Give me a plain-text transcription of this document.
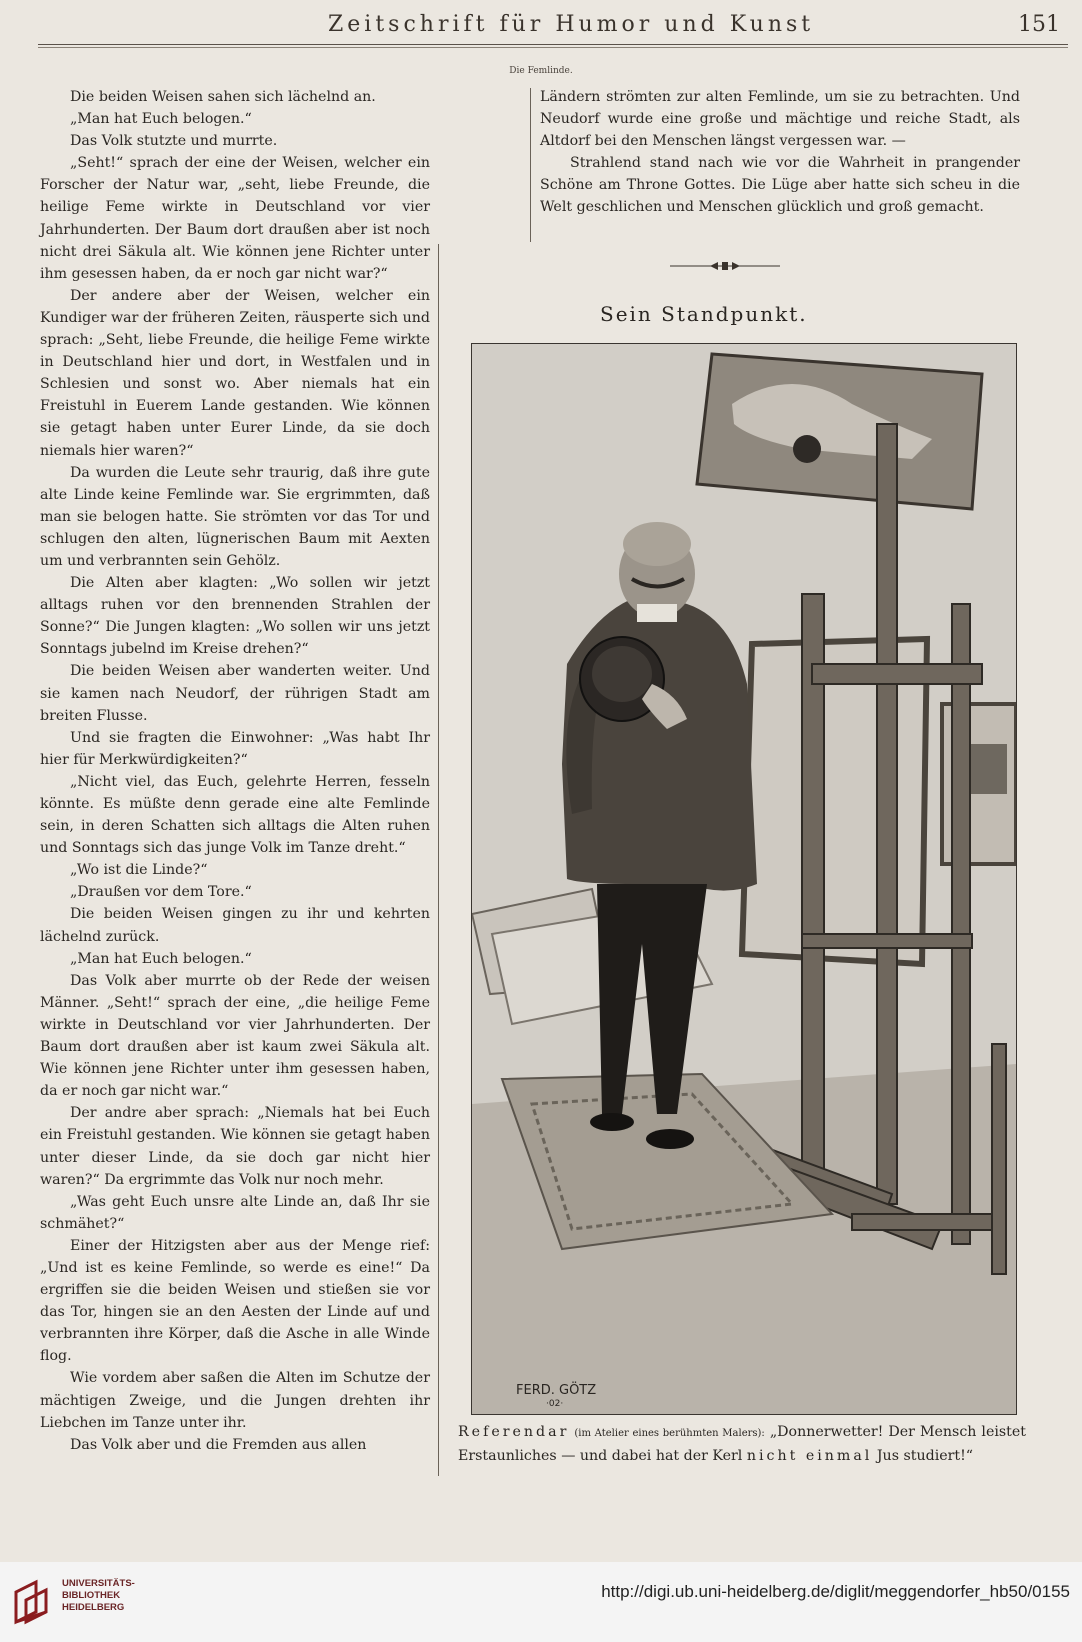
Zeitschrift für Humor und Kunst	151
Die Femlinde.

Die beiden Weisen sahen sich lächelnd an.

„Man hat Euch belogen.“

Das Volk stutzte und murrte.

„Seht!“ sprach der eine der Weisen, welcher ein Forscher der Natur war, „seht, liebe Freunde, die heilige Feme wirkte in Deutschland vor vier Jahrhunderten. Der Baum dort draußen aber ist noch nicht drei Säkula alt. Wie können jene Richter unter ihm gesessen haben, da er noch gar nicht war?“

Der andere aber der Weisen, welcher ein Kundiger war der früheren Zeiten, räusperte sich und sprach: „Seht, liebe Freunde, die heilige Feme wirkte in Deutschland hier und dort, in Westfalen und in Schlesien und sonst wo. Aber niemals hat ein Freistuhl in Euerem Lande gestanden. Wie können sie getagt haben unter Eurer Linde, da sie doch niemals hier waren?“

Da wurden die Leute sehr traurig, daß ihre gute alte Linde keine Femlinde war. Sie ergrimmten, daß man sie belogen hatte. Sie strömten vor das Tor und schlugen den alten, lügnerischen Baum mit Aexten um und verbrannten sein Gehölz.

Die Alten aber klagten: „Wo sollen wir jetzt alltags ruhen vor den brennenden Strahlen der Sonne?“ Die Jungen klagten: „Wo sollen wir uns jetzt Sonntags jubelnd im Kreise drehen?“

Die beiden Weisen aber wanderten weiter. Und sie kamen nach Neudorf, der rührigen Stadt am breiten Flusse.

Und sie fragten die Einwohner: „Was habt Ihr hier für Merkwürdigkeiten?“

„Nicht viel, das Euch, gelehrte Herren, fesseln könnte. Es müßte denn gerade eine alte Femlinde sein, in deren Schatten sich alltags die Alten ruhen und Sonntags sich das junge Volk im Tanze dreht.“

„Wo ist die Linde?“

„Draußen vor dem Tore.“

Die beiden Weisen gingen zu ihr und kehrten lächelnd zurück.

„Man hat Euch belogen.“

Das Volk aber murrte ob der Rede der weisen Männer. „Seht!“ sprach der eine, „die heilige Feme wirkte in Deutschland vor vier Jahrhunderten. Der Baum dort draußen aber ist kaum zwei Säkula alt. Wie können jene Richter unter ihm gesessen haben, da er noch gar nicht war.“

Der andre aber sprach: „Niemals hat bei Euch ein Freistuhl gestanden. Wie können sie getagt haben unter dieser Linde, da sie doch gar nicht hier waren?“ Da ergrimmte das Volk nur noch mehr.

„Was geht Euch unsre alte Linde an, daß Ihr sie schmähet?“

Einer der Hitzigsten aber aus der Menge rief: „Und ist es keine Femlinde, so werde es eine!“ Da ergriffen sie die beiden Weisen und stießen sie vor das Tor, hingen sie an den Aesten der Linde auf und verbrannten ihre Körper, daß die Asche in alle Winde flog.

Wie vordem aber saßen die Alten im Schutze der mächtigen Zweige, und die Jungen drehten ihr Liebchen im Tanze unter ihr.

Das Volk aber und die Fremden aus allen

Ländern strömten zur alten Femlinde, um sie zu betrachten. Und Neudorf wurde eine große und mächtige und reiche Stadt, als Altdorf bei den Menschen längst vergessen war. —

Strahlend stand nach wie vor die Wahrheit in prangender Schöne am Throne Gottes. Die Lüge aber hatte sich scheu in die Welt geschlichen und Menschen glücklich und groß gemacht.

Sein Standpunkt.
FERD. GÖTZ
·02·
Referendar (im Atelier eines berühmten Malers): „Donnerwetter! Der Mensch leistet Erstaunliches — und dabei hat der Kerl nicht einmal Jus studiert!“
UNIVERSITÄTS-
BIBLIOTHEK
HEIDELBERG
http://digi.ub.uni-heidelberg.de/diglit/meggendorfer_hb50/0155
